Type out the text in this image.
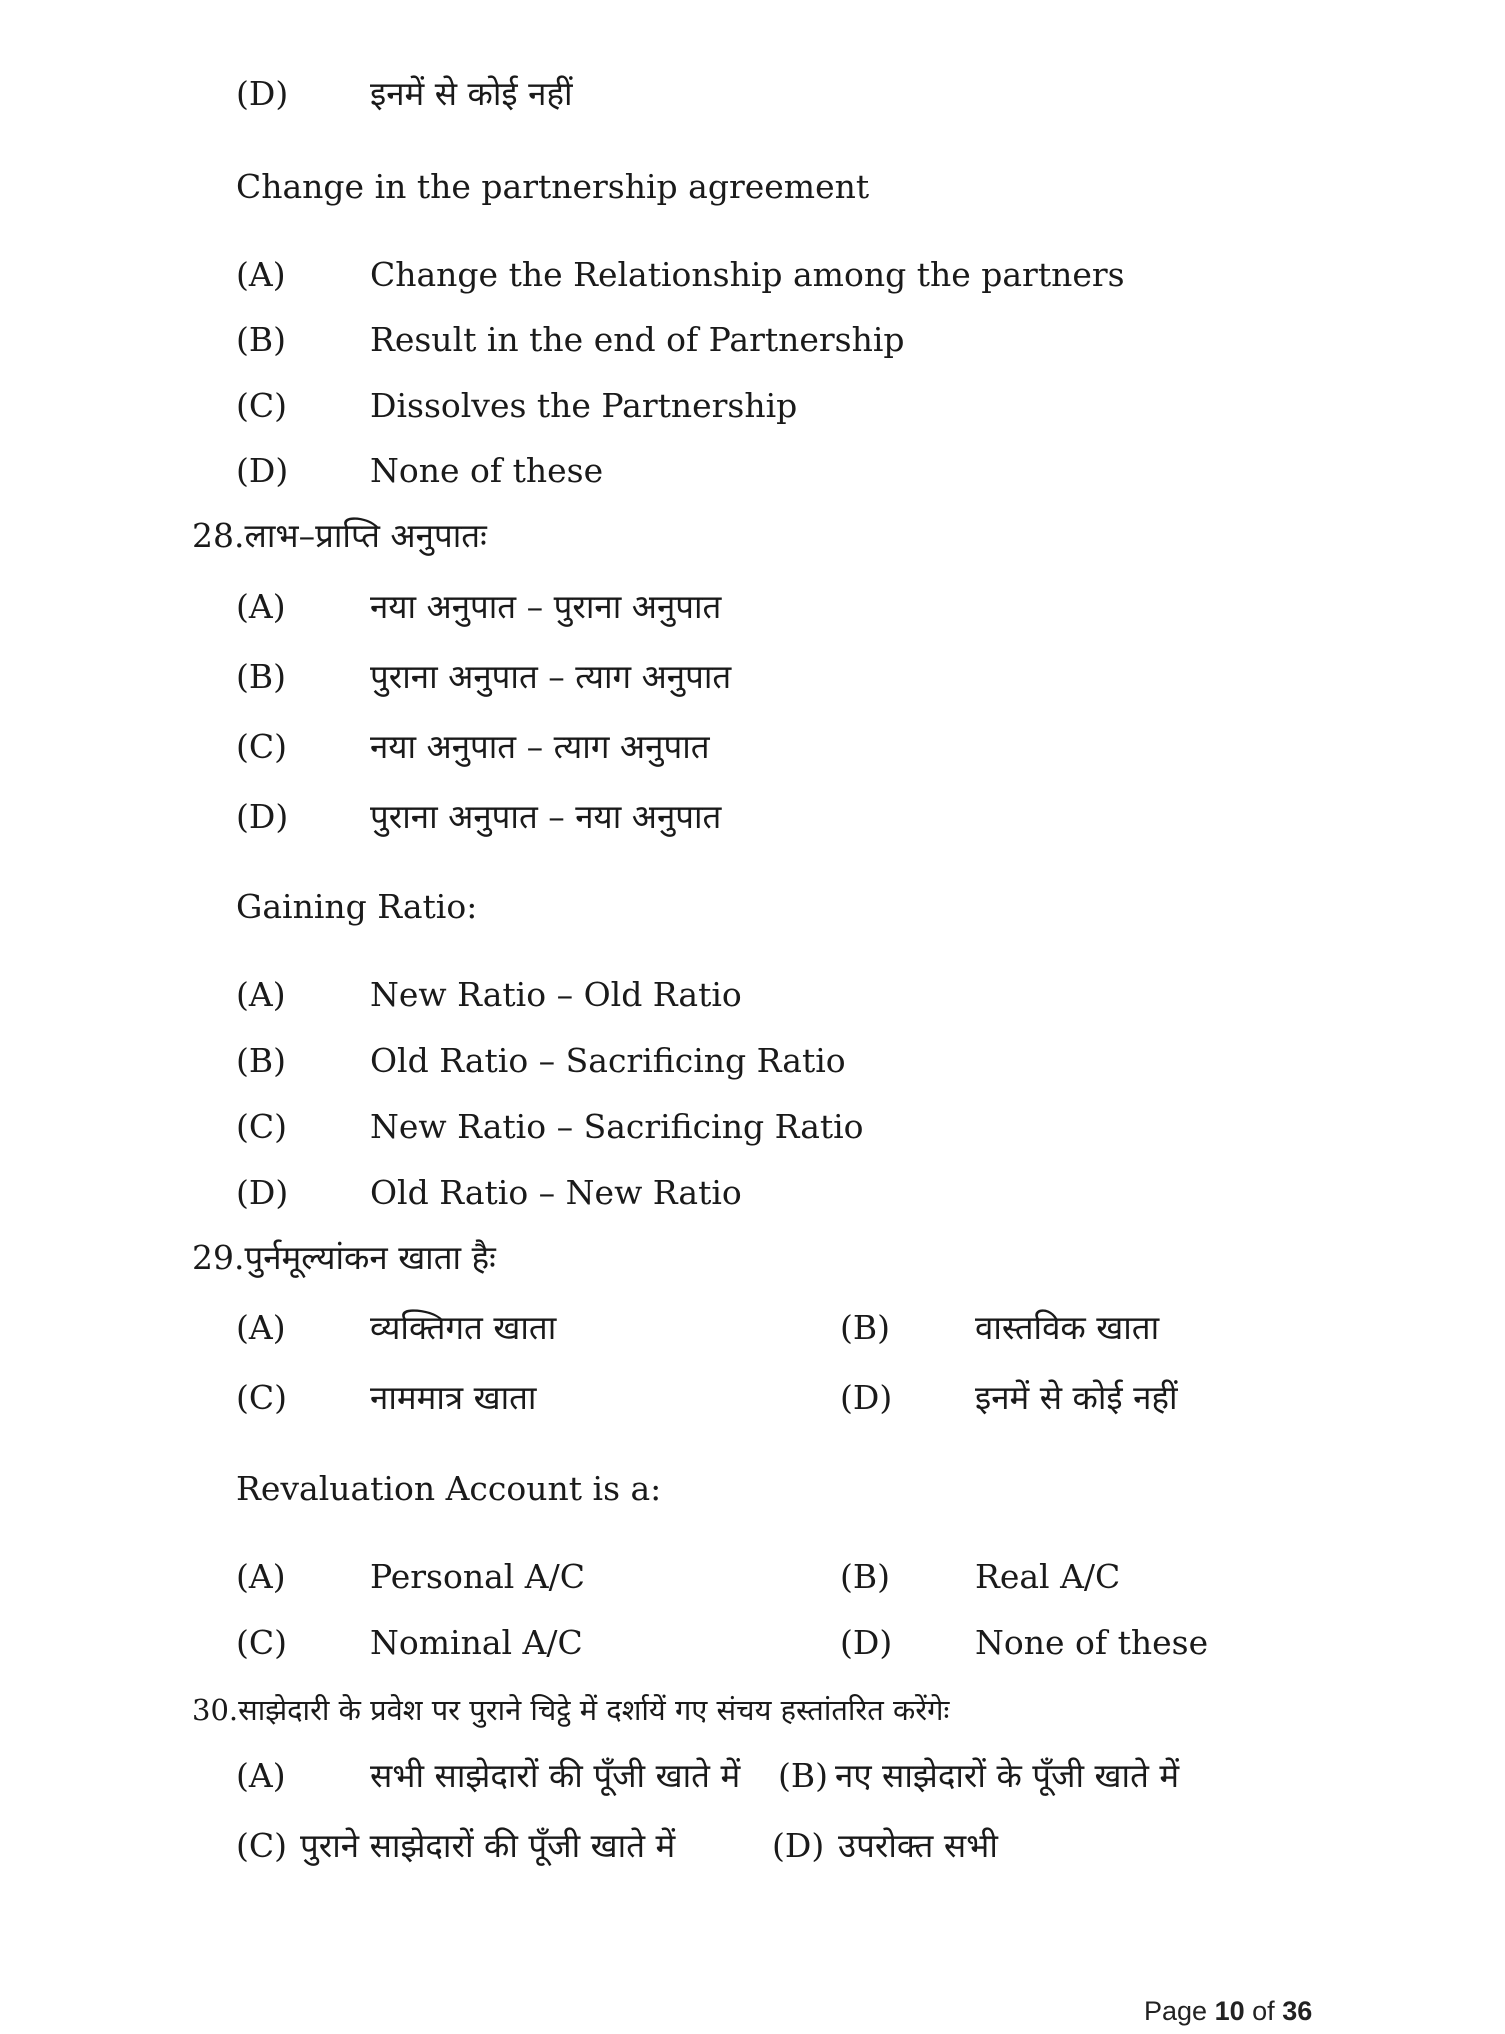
(D) इनमें से कोई नहीं
Change in the partnership agreement
(A)	Change the Relationship among the partners
(B)	Result in the end of Partnership
(C)	Dissolves the Partnership
(D) None of these
28.लाभ–प्राप्ति अनुपातः
(A)	नया अनुपात – पुराना अनुपात
(B)	पुराना अनुपात – त्याग अनुपात
(C)	नया अनुपात – त्याग अनुपात
(D) पुराना अनुपात – नया अनुपात
Gaining Ratio:
(A)	New Ratio – Old Ratio
(B)	Old Ratio – Sacrificing Ratio
(C)	New Ratio – Sacrificing Ratio
(D) Old Ratio – New Ratio
29.पुर्नमूल्यांकन खाता हैः
(A)	व्यक्तिगत खाता	(B)	वास्तविक खाता
(C)	नाममात्र खाता	(D)	इनमें से कोई नहीं
Revaluation Account is a:
(A)	Personal A/C	(B)	Real A/C
(C)	Nominal A/C	(D)	None of these
30.साझेदारी के प्रवेश पर पुराने चिट्ठे में दर्शायें गए संचय हस्तांतरित करेंगेः
(A)	सभी साझेदारों की पूँजी खाते में (B) नए साझेदारों के पूँजी खाते में
(C) पुराने साझेदारों की पूँजी खाते में	(D) उपरोक्त सभी
Page 10 of 36
